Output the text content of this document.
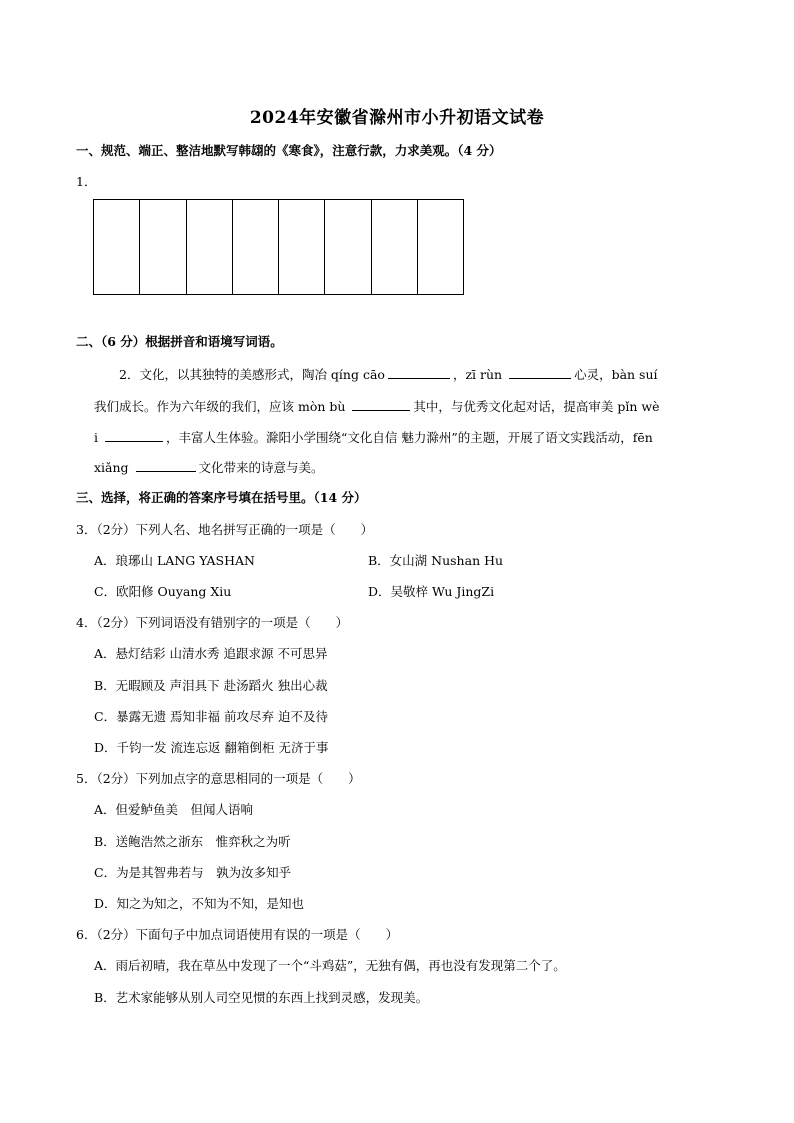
2024年安徽省滁州市小升初语文试卷
一、规范、端正、整洁地默写韩翃的《寒食》，注意行款，力求美观。（4 分）
1．
二、（6 分）根据拼音和语境写词语。
2．文化，以其独特的美感形式，陶冶 qíng cāo	，zī rùn	心灵，bàn suí
我们成长。作为六年级的我们，应该 mòn bù	其中，与优秀文化起对话，提高审美 pǐn wè
i	，丰富人生体验。滁阳小学围绕“文化自信 魅力滁州”的主题，开展了语文实践活动，fēn
xiǎng	文化带来的诗意与美。
三、选择，将正确的答案序号填在括号里。（14 分）
3．（2分）下列人名、地名拼写正确的一项是（　　）
A．琅琊山 LANG YASHAN	B．女山湖 Nushan Hu
C．欧阳修 Ouyang Xiu	D．吴敬梓 Wu JingZi
4．（2分）下列词语没有错别字的一项是（　　）
A．悬灯结彩 山清水秀 追跟求源 不可思异
B．无暇顾及 声泪具下 赴汤蹈火 独出心裁
C．暴露无遗 焉知非福 前攻尽弃 迫不及待
D．千钧一发 流连忘返 翻箱倒柜 无济于事
5．（2分）下列加点字的意思相同的一项是（　　）
A．但爱鲈鱼美　但闻人语响
B．送鲍浩然之浙东　惟弈秋之为听
C．为是其智弗若与　孰为汝多知乎
D．知之为知之，不知为不知，是知也
6．（2分）下面句子中加点词语使用有误的一项是（　　）
A．雨后初晴，我在草丛中发现了一个“斗鸡菇”，无独有偶，再也没有发现第二个了。
B．艺术家能够从别人司空见惯的东西上找到灵感，发现美。
